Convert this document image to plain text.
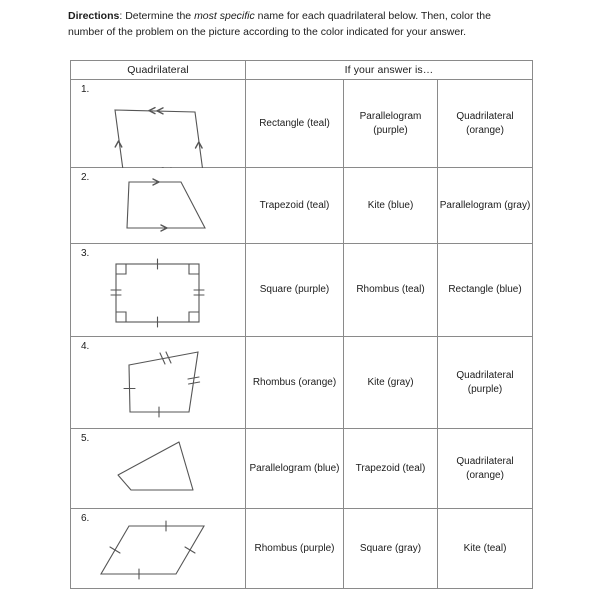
Directions: Determine the most specific name for each quadrilateral below. Then, color the number of the problem on the picture according to the color indicated for your answer.
Quadrilateral	If your answer is…		

1.	Rectangle (teal)	Parallelogram (purple)	Quadrilateral (orange)

2.	Trapezoid (teal)	Kite (blue)	Parallelogram (gray)

3.	Square (purple)	Rhombus (teal)	Rectangle (blue)

4.	Rhombus (orange)	Kite (gray)	Quadrilateral (purple)

5.	Parallelogram (blue)	Trapezoid (teal)	Quadrilateral (orange)

6.	Rhombus (purple)	Square (gray)	Kite (teal)
